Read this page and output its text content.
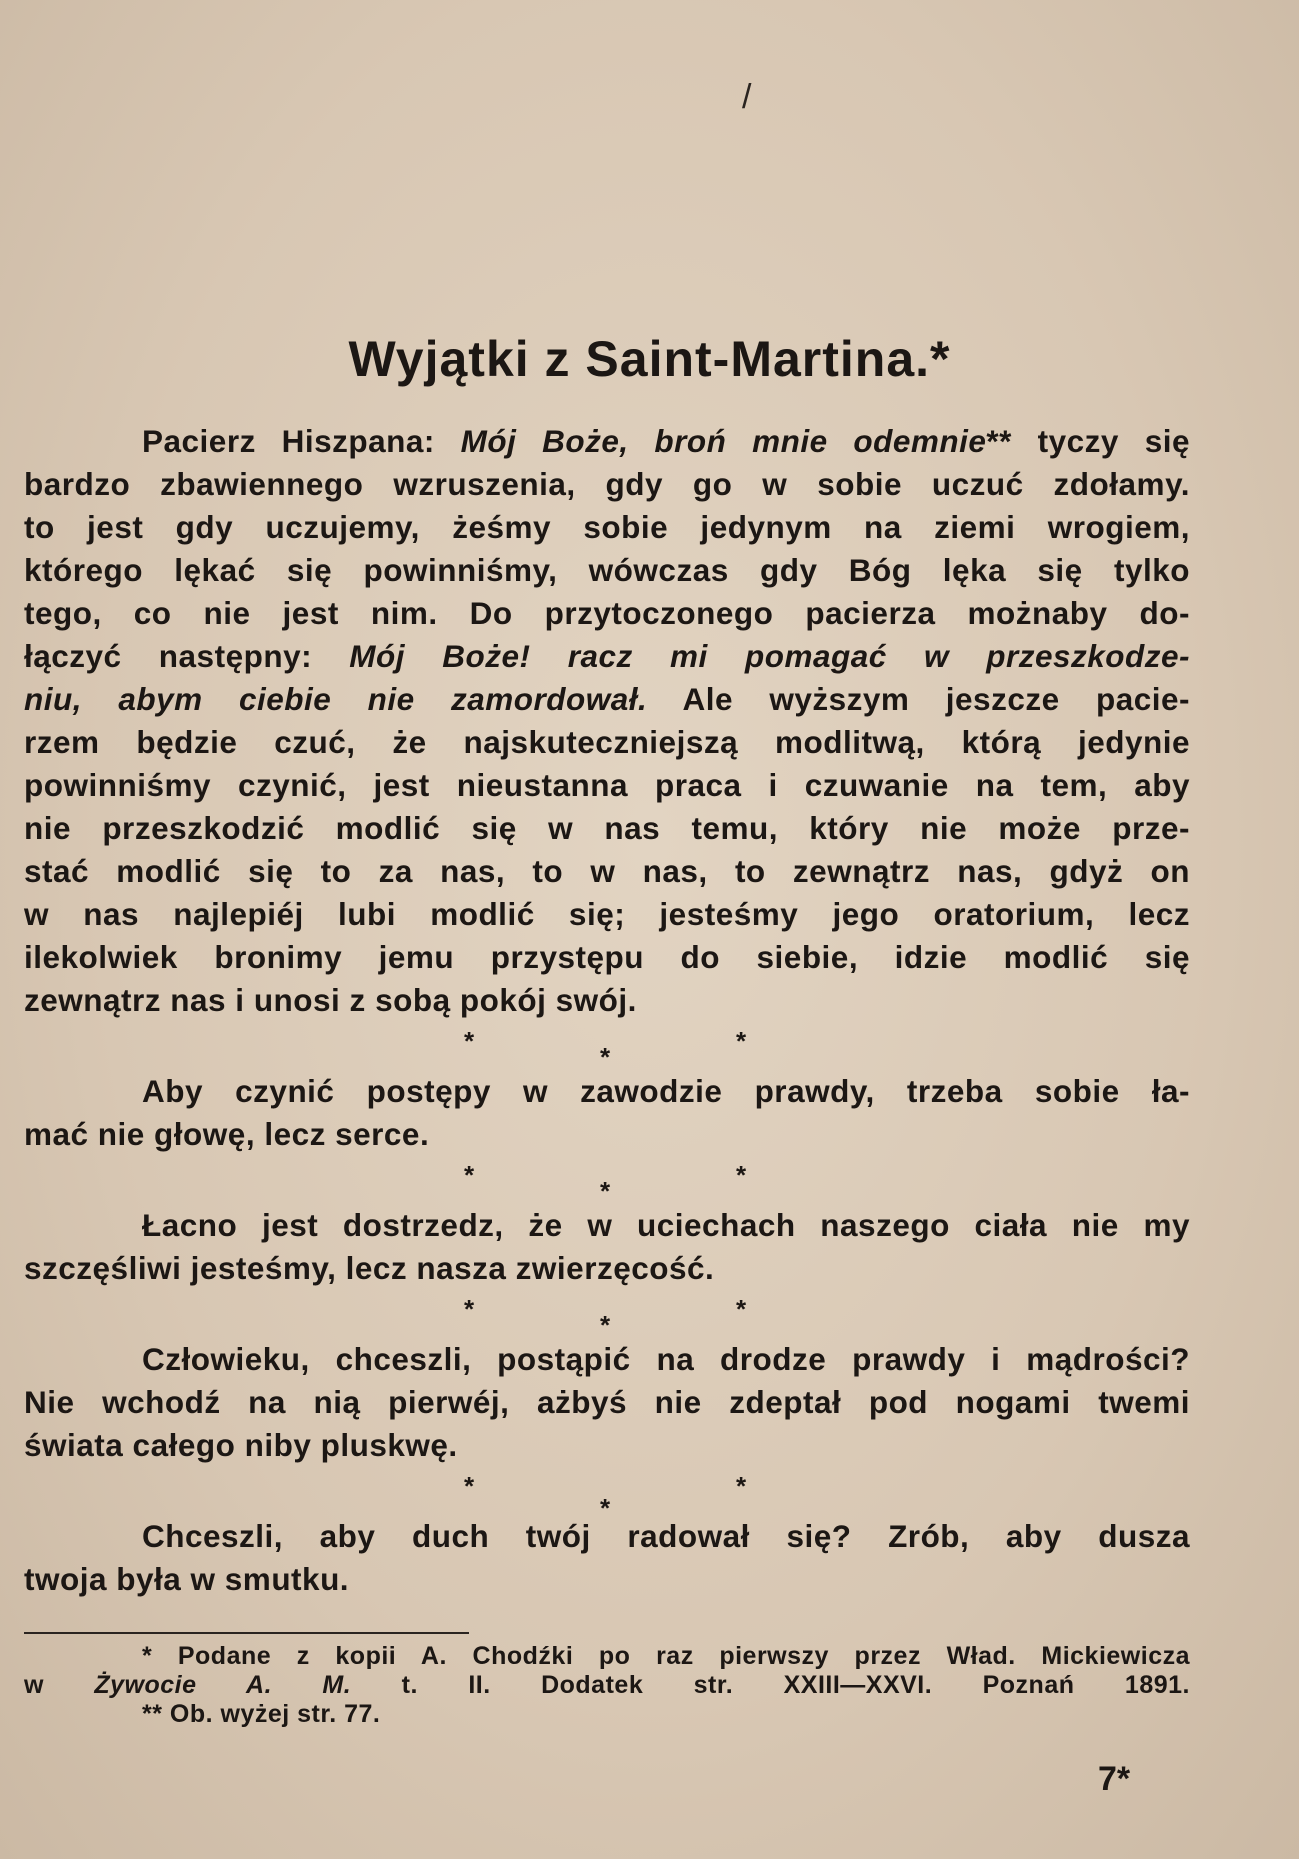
/
Wyjątki z Saint-Martina.*
Pacierz Hiszpana: Mój Boże, broń mnie odemnie** tyczy się
bardzo zbawiennego wzruszenia, gdy go w sobie uczuć zdołamy.
to jest gdy uczujemy, żeśmy sobie jedynym na ziemi wrogiem,
którego lękać się powinniśmy, wówczas gdy Bóg lęka się tylko
tego, co nie jest nim. Do przytoczonego pacierza możnaby do-
łączyć następny: Mój Boże! racz mi pomagać w przeszkodze-
niu, abym ciebie nie zamordował. Ale wyższym jeszcze pacie-
rzem będzie czuć, że najskuteczniejszą modlitwą, którą jedynie
powinniśmy czynić, jest nieustanna praca i czuwanie na tem, aby
nie przeszkodzić modlić się w nas temu, który nie może prze-
stać modlić się to za nas, to w nas, to zewnątrz nas, gdyż on
w nas najlepiéj lubi modlić się; jesteśmy jego oratorium, lecz
ilekolwiek bronimy jemu przystępu do siebie, idzie modlić się
zewnątrz nas i unosi z sobą pokój swój.
*
*
*
Aby czynić postępy w zawodzie prawdy, trzeba sobie ła-
mać nie głowę, lecz serce.
*
*
*
Łacno jest dostrzedz, że w uciechach naszego ciała nie my
szczęśliwi jesteśmy, lecz nasza zwierzęcość.
*
*
*
Człowieku, chceszli, postąpić na drodze prawdy i mądrości?
Nie wchodź na nią pierwéj, ażbyś nie zdeptał pod nogami twemi
świata całego niby pluskwę.
*
*
*
Chceszli, aby duch twój radował się? Zrób, aby dusza
twoja była w smutku.
* Podane z kopii A. Chodźki po raz pierwszy przez Wład. Mickiewicza
w Żywocie A. M. t. II. Dodatek str. XXIII—XXVI. Poznań 1891.
** Ob. wyżej str. 77.
7*
